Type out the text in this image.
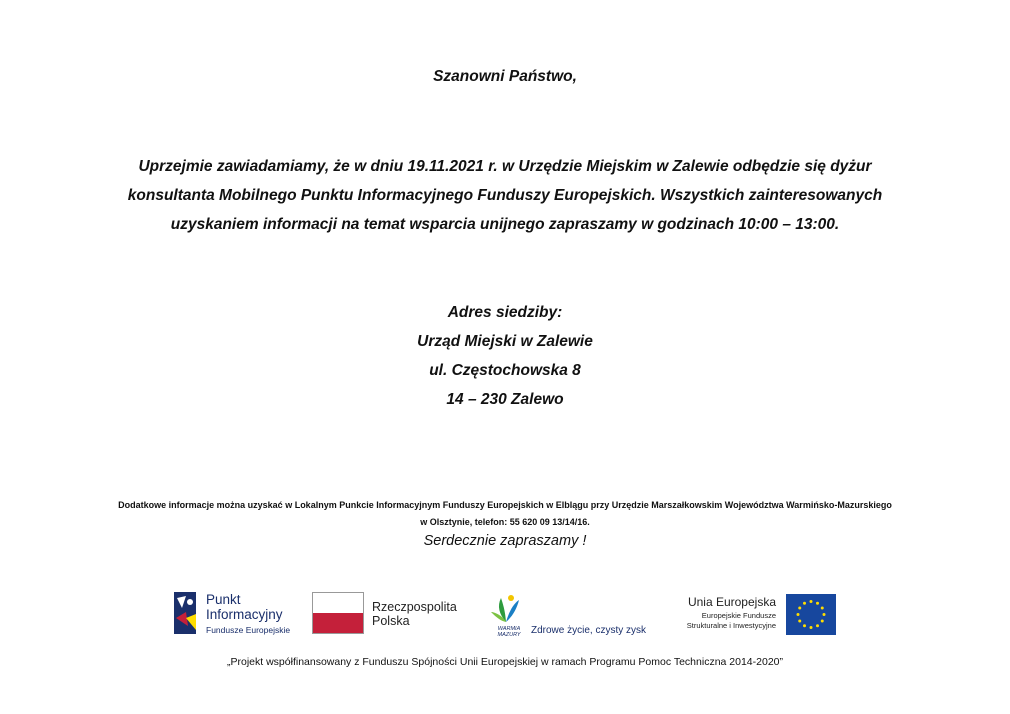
Szanowni Państwo,
Uprzejmie zawiadamiamy, że w dniu 19.11.2021 r. w Urzędzie Miejskim w Zalewie odbędzie się dyżur
konsultanta Mobilnego Punktu Informacyjnego Funduszy Europejskich. Wszystkich zainteresowanych
uzyskaniem informacji na temat wsparcia unijnego zapraszamy w godzinach 10:00 – 13:00.
Adres siedziby:
Urząd Miejski w Zalewie
ul. Częstochowska 8
14 – 230 Zalewo
Dodatkowe informacje można uzyskać w Lokalnym Punkcie Informacyjnym Funduszy Europejskich w Elblągu przy Urzędzie Marszałkowskim Województwa Warmińsko-Mazurskiego
w Olsztynie, telefon: 55 620 09 13/14/16.
Serdecznie zapraszamy !
Punkt
Informacyjny
Fundusze Europejskie
Rzeczpospolita
Polska
WARMIA MAZURY	Zdrowe życie, czysty zysk
Unia Europejska
Europejskie Fundusze
Strukturalne i Inwestycyjne
„Projekt współfinansowany z Funduszu Spójności Unii Europejskiej w ramach Programu Pomoc Techniczna 2014-2020”
